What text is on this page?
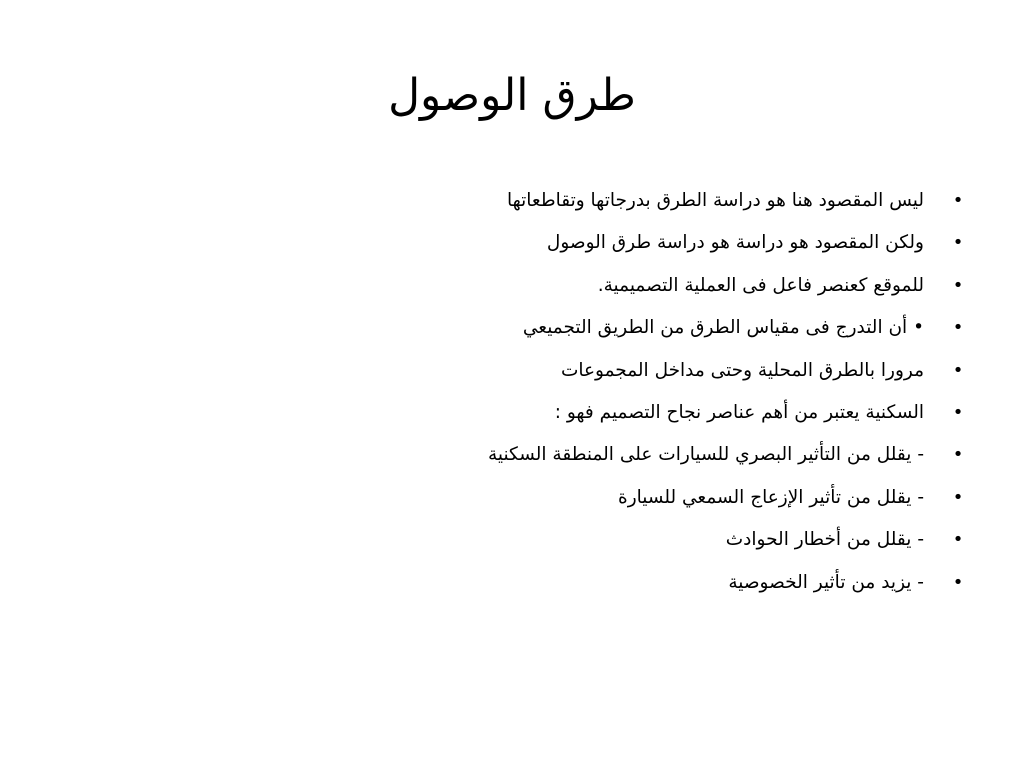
طرق الوصول
•
ليس المقصود هنا هو دراسة الطرق بدرجاتها وتقاطعاتها
•
ولكن المقصود هو دراسة هو دراسة طرق الوصول
•
للموقع كعنصر فاعل فى العملية التصميمية.
•
• أن التدرج فى مقياس الطرق من الطريق التجميعي
•
مرورا بالطرق المحلية وحتى مداخل المجموعات
•
السكنية يعتبر من أهم عناصر نجاح التصميم فهو :
•
- يقلل من التأثير البصري للسيارات على المنطقة السكنية
•
- يقلل من تأثير الإزعاج السمعي للسيارة
•
- يقلل من أخطار الحوادث
•
- يزيد من تأثير الخصوصية
